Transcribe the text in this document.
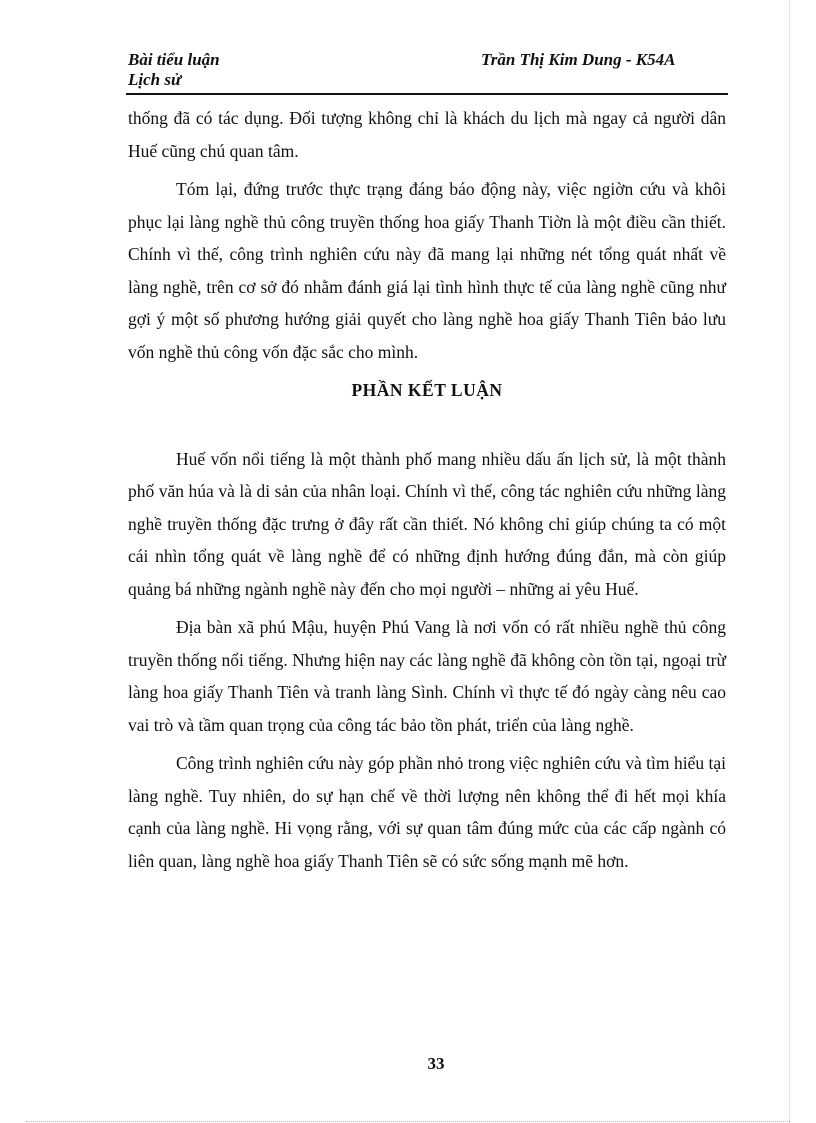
Bài tiểu luận
Lịch sử
Trần Thị Kim Dung - K54A

thống đã có tác dụng. Đối tượng không chỉ là khách du lịch mà ngay cả người dân Huế cũng chú quan tâm.

Tóm lại, đứng trước thực trạng đáng báo động này, việc ngiờn cứu và khôi phục lại làng nghề thủ công truyền thống hoa giấy Thanh Tiờn là một điều cần thiết. Chính vì thế, công trình nghiên cứu này đã mang lại những nét tổng quát nhất về làng nghề, trên cơ sở đó nhằm đánh giá lại tình hình thực tế của làng nghề cũng như gợi ý một số phương hướng giải quyết cho làng nghề hoa giấy Thanh Tiên bảo lưu vốn nghề thủ công vốn đặc sắc cho mình.

PHẦN KẾT LUẬN

Huế vốn nổi tiếng là một thành phố mang nhiều dấu ấn lịch sử, là một thành phố văn húa và là di sản của nhân loại. Chính vì thế, công tác nghiên cứu những làng nghề truyền thống đặc trưng ở đây rất cần thiết. Nó không chỉ giúp chúng ta có một cái nhìn tổng quát về làng nghề để có những định hướng đúng đắn, mà còn giúp quảng bá những ngành nghề này đến cho mọi người – những ai yêu Huế.

Địa bàn xã phú Mậu, huyện Phú Vang là nơi vốn có rất nhiều nghề thủ công truyền thống nổi tiếng. Nhưng hiện nay các làng nghề đã không còn tồn tại, ngoại trừ làng hoa giấy Thanh Tiên và tranh làng Sình. Chính vì thực tế đó ngày càng nêu cao vai trò và tầm quan trọng của công tác bảo tồn phát, triển của làng nghề.

Công trình nghiên cứu này góp phần nhỏ trong việc nghiên cứu và tìm hiểu tại làng nghề. Tuy nhiên, do sự hạn chế về thời lượng nên không thể đi hết mọi khía cạnh của làng nghề. Hi vọng rằng, với sự quan tâm đúng mức của các cấp ngành có liên quan, làng nghề hoa giấy Thanh Tiên sẽ có sức sống mạnh mẽ hơn.

33
